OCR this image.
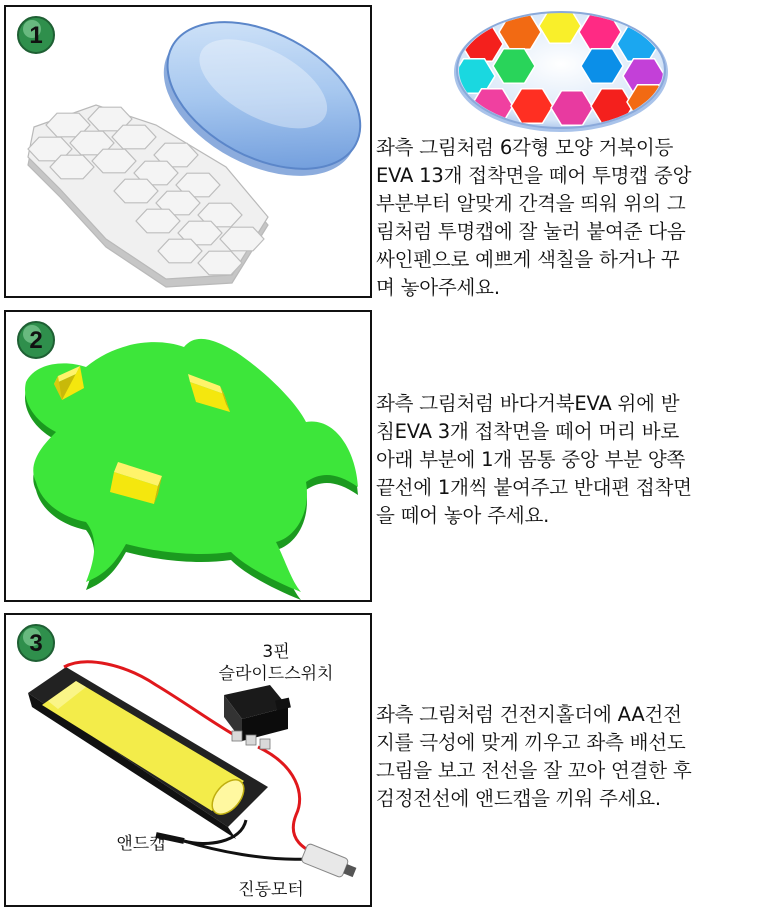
1
좌측 그림처럼 6각형 모양 거북이등
EVA 13개 접착면을 떼어 투명캡 중앙
부분부터 알맞게 간격을 띄워 위의 그
림처럼 투명캡에 잘 눌러 붙여준 다음
싸인펜으로 예쁘게 색칠을 하거나 꾸
며 놓아주세요.
2
좌측 그림처럼 바다거북EVA 위에 받
침EVA 3개 접착면을 떼어 머리 바로
아래 부분에 1개 몸통 중앙 부분 양쪽
끝선에 1개씩 붙여주고 반대편 접착면
을 떼어 놓아 주세요.
3	3핀
슬라이드스위치
앤드캡
진동모터
좌측 그림처럼 건전지홀더에 AA건전
지를 극성에 맞게 끼우고 좌측 배선도
그림을 보고 전선을 잘 꼬아 연결한 후
검정전선에 앤드캡을 끼워 주세요.
